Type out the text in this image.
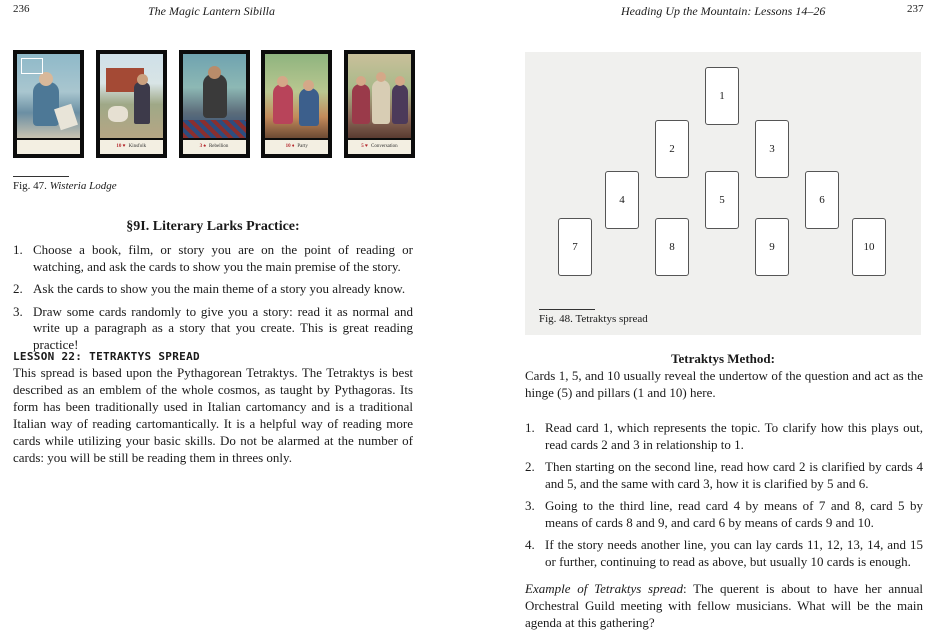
236	The Magic Lantern Sibilla
10 ♥ Kinsfolk	3 ♠ Rebellion	10 ♦ Party	5 ♥ Conversation
Fig. 47. Wisteria Lodge
§9I. Literary Larks Practice:
1. Choose a book, film, or story you are on the point of reading or watching, and ask the cards to show you the main premise of the story.
2. Ask the cards to show you the main theme of a story you already know.
3. Draw some cards randomly to give you a story: read it as normal and write up a paragraph as a story that you create. This is great reading practice!
LESSON 22: TETRAKTYS SPREAD
This spread is based upon the Pythagorean Tetraktys. The Tetraktys is best described as an emblem of the whole cosmos, as taught by Pythagoras. Its form has been traditionally used in Italian cartomancy and is a traditional Italian way of reading cartomantically. It is a helpful way of reading more cards while utilizing your basic skills. Do not be alarmed at the number of cards: you will be still be reading them in threes only.
Heading Up the Mountain: Lessons 14–26	237
1
2	3
4	5	6
7	8	9	10
Fig. 48. Tetraktys spread
Tetraktys Method:
Cards 1, 5, and 10 usually reveal the undertow of the question and act as the hinge (5) and pillars (1 and 10) here.
1. Read card 1, which represents the topic. To clarify how this plays out, read cards 2 and 3 in relationship to 1.
2. Then starting on the second line, read how card 2 is clarified by cards 4 and 5, and the same with card 3, how it is clarified by 5 and 6.
3. Going to the third line, read card 4 by means of 7 and 8, card 5 by means of cards 8 and 9, and card 6 by means of cards 9 and 10.
4. If the story needs another line, you can lay cards 11, 12, 13, 14, and 15 or further, continuing to read as above, but usually 10 cards is enough.
Example of Tetraktys spread: The querent is about to have her annual Orchestral Guild meeting with fellow musicians. What will be the main agenda at this gathering?
